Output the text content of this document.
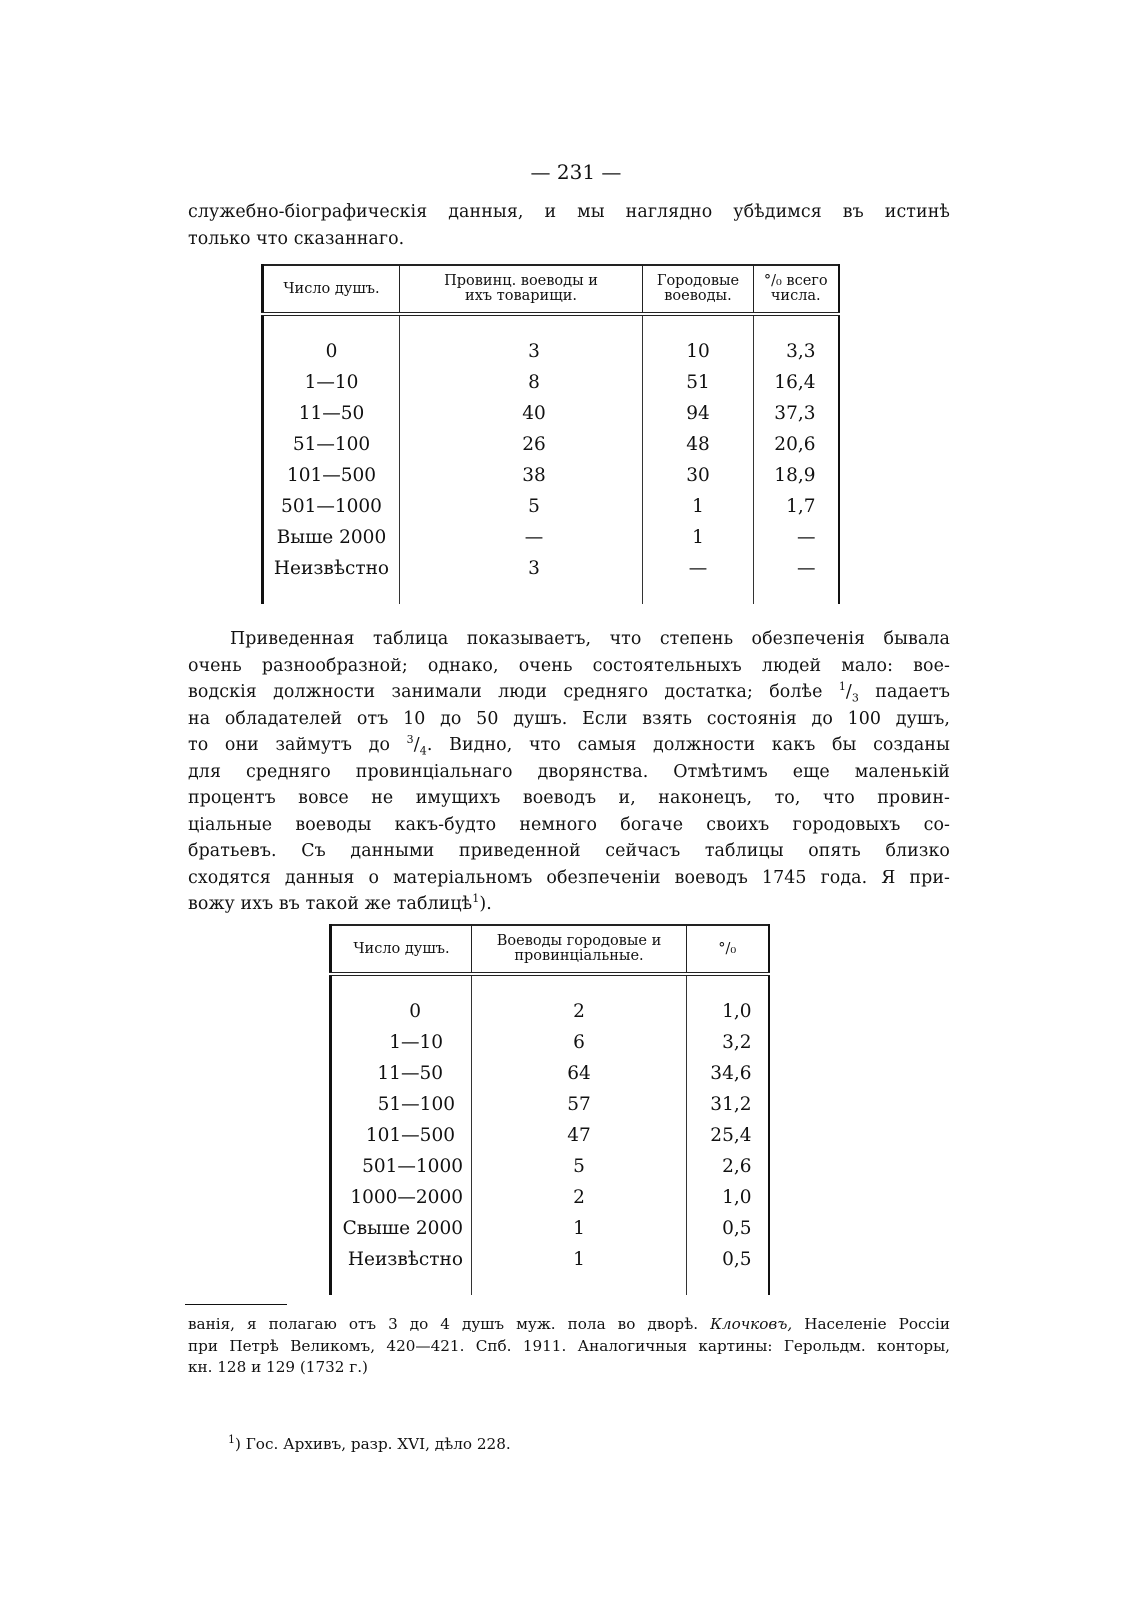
— 231 —
служебно-біографическія данныя, и мы наглядно убѣдимся въ истинѣ
только что сказаннаго.
Число душъ.	Провинц. воеводы и ихъ товарищи.	Городовые воеводы.	°/₀ всего числа.

0	3	10	3,3
1—10	8	51	16,4
11—50	40	94	37,3
51—100	26	48	20,6
101—500	38	30	18,9
501—1000	5	1	1,7
Выше 2000	—	1	—
Неизвѣстно	3	—	—

Приведенная таблица показываетъ, что степень обезпеченія бывала
очень разнообразной; однако, очень состоятельныхъ людей мало: вое-
водскія должности занимали люди средняго достатка; болѣе $^1/_3$ падаетъ
на обладателей отъ 10 до 50 душъ. Если взять состоянія до 100 душъ,
то они займутъ до $^3/_4$. Видно, что самыя должности какъ бы созданы
для средняго провинціальнаго дворянства. Отмѣтимъ еще маленькій
процентъ вовсе не имущихъ воеводъ и, наконецъ, то, что провин-
ціальные воеводы какъ-будто немного богаче своихъ городовыхъ со-
братьевъ. Съ данными приведенной сейчасъ таблицы опять близко
сходятся данныя о матеріальномъ обезпеченіи воеводъ 1745 года. Я при-
вожу ихъ въ такой же таблицѣ$^1$).
Число душъ.	Воеводы городовые и провинціальные.	°/₀

0	2	1,0
1—10	6	3,2
11—50	64	34,6
51—100	57	31,2
101—500	47	25,4
501—1000	5	2,6
1000—2000	2	1,0
Свыше 2000	1	0,5
Неизвѣстно	1	0,5

ванія, я полагаю отъ 3 до 4 душъ муж. пола во дворѣ. Клочковъ, Населеніе Россіи
при Петрѣ Великомъ, 420—421. Спб. 1911. Аналогичныя картины: Герольдм. конторы,
кн. 128 и 129 (1732 г.)
$^1$) Гос. Архивъ, разр. XVI, дѣло 228.
